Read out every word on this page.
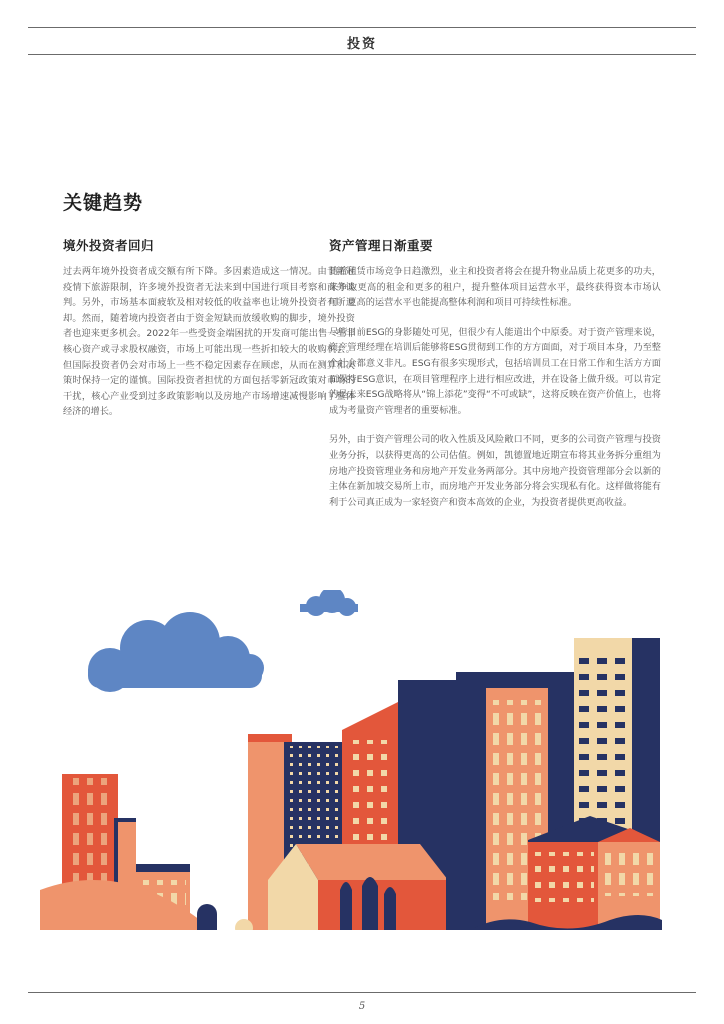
投资
关键趋势
境外投资者回归

过去两年境外投资者成交额有所下降。多因素造成这一情况。由于新冠疫情下旅游限制，许多境外投资者无法来到中国进行项目考察和商务谈判。另外，市场基本面疲软及相对较低的收益率也让境外投资者有所退却。然而，随着境内投资者由于资金短缺而放缓收购的脚步，境外投资者也迎来更多机会。2022年一些受资金端困扰的开发商可能出售一些非核心资产或寻求股权融资，市场上可能出现一些折扣较大的收购机会。但国际投资者仍会对市场上一些不稳定因素存在顾虑，从而在测算和决策时保持一定的谨慎。国际投资者担忧的方面包括零新冠政策对市场的干扰，核心产业受到过多政策影响以及房地产市场增速减慢影响了整体经济的增长。

资产管理日渐重要

随着租赁市场竞争日趋激烈，业主和投资者将会在提升物业品质上花更多的功夫，来争取更高的租金和更多的租户，提升整体项目运营水平，最终获得资本市场认可。更高的运营水平也能提高整体利润和项目可持续性标准。

尽管目前ESG的身影随处可见，但很少有人能道出个中原委。对于资产管理来说，资产管理经理在培训后能够将ESG贯彻到工作的方方面面，对于项目本身，乃至整个社会都意义非凡。ESG有很多实现形式，包括培训员工在日常工作和生活方方面面保持ESG意识，在项目管理程序上进行相应改进，并在设备上做升级。可以肯定的是未来ESG战略将从“锦上添花”变得“不可或缺”，这将反映在资产价值上，也将成为考量资产管理者的重要标准。

另外，由于资产管理公司的收入性质及风险敞口不同，更多的公司资产管理与投资业务分拆，以获得更高的公司估值。例如，凯德置地近期宣布将其业务拆分重组为房地产投资管理业务和房地产开发业务两部分。其中房地产投资管理部分会以新的主体在新加坡交易所上市，而房地产开发业务部分将会实现私有化。这样做将能有利于公司真正成为一家轻资产和资本高效的企业，为投资者提供更高收益。

5
